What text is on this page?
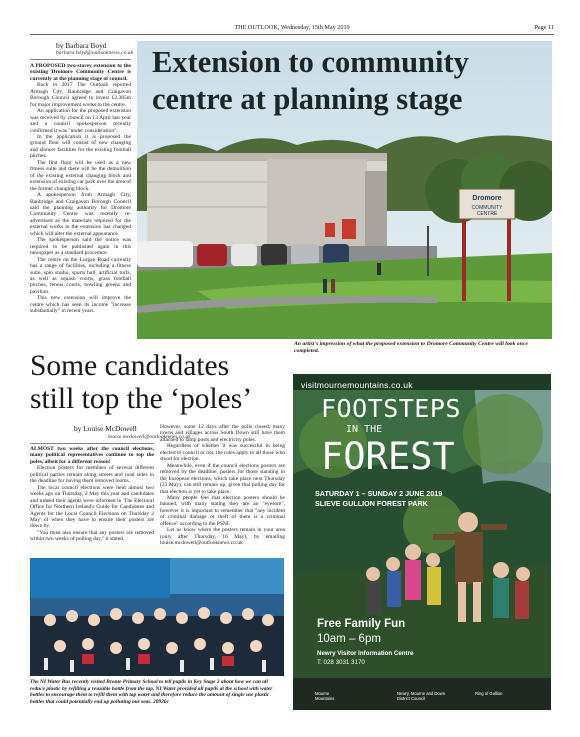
THE OUTLOOK, Wednesday, 15th May 2019	Page 11
by Barbara Boyd
barbara.boyd@outlooknews.co.uk

A PROPOSED two-storey extension to the existing Dromore Community Centre is currently at the planning stage of council.

Back in 2017 The Outlook reported Armagh City, Banbridge and Craigavon Borough Council agreed to invest £2.385m for major improvement works to the centre.

An application for the proposed extension was received by council on 13 April last year and a council spokesperson recently confirmed it was "under consideration".

In the application it is proposed the ground floor will consist of new changing and shower facilities for the existing football pitches.

The first floor will be used as a new fitness suite and there will be the demolition of the existing external changing block and extension of existing car park over the area of the former changing block.

A spokesperson from Armagh City, Banbridge and Craigavon Borough Council said the planning authority for Dromore Community Centre was recently re-advertised as the materials required for the external works in the extension has changed which will alter the external appearance.

The spokesperson said the notice was required to be published again in this newspaper as a standard procedure.

The centre on the Lurgan Road currently has a range of facilities, including a fitness suite, spin studio, sports hall, artificial turfs, as well as squash courts, grass football pitches, tennis courts, bowling greens and pavilion.

This new extension will improve the centre which has seen its income "increase substantially" in recent years.

Dromore
COMMUNITY
CENTRE
Extension to community
centre at planning stage
An artist's impression of what the proposed extension to Dromore Community Centre will look once completed.
Some candidates
still top the ‘poles’
by Louise McDowell
louise.mcdowell@outlooknews.co.uk

ALMOST two weeks after the council elections, many political representatives continue to top the poles, albeit for a different reason!

Election posters for members of several different political parties remain along streets and road sides in the deadline for having them removed looms.

The local council elections were held almost two weeks ago on Thursday, 2 May this year and candidates and indeed their agents were informed in 'The Electoral Office for Northern Ireland's Guide for Candidates and Agents for the Local Council Elections on Thursday 2 May' of when they have to ensure their posters are down by.

"You must also ensure that any posters are removed within two weeks of polling day," it stated.

However, some 12 days after the polls closed, many towns and villages across South Down still have them attached to lamp posts and electricity poles.

Regardless of whether it was successful in being elected to council or not, the rules apply to all those who stood for election.

Meanwhile, even if the council elections posters are removed by the deadline, posters for those standing in the European elections, which take place next Thursday (23 May), can still remain up, given that polling day for that election is yet to take place.

Many people feel that election posters should be banned, with many stating they are an "eyesore", however it is important to remember that "any incident of criminal damage or theft of them is a criminal offence" according to the PSNI.

Let us know where the posters remain in your area (only after Thursday, 16 May), by emailing louise.mcdowell@outlooknews.co.uk

The NI Water Bus recently visited Bronte Primary School to tell pupils in Key Stage 2 about how we can all reduce plastic by refilling a reusable bottle from the tap. NI Water provided all pupils at the school with water bottles to encourage them to refill them with tap water and therefore reduce the amount of single use plastic bottles that could potentially end up polluting our seas. 20926c
visitmournemountains.co.uk
FOOTSTEPS
IN THE
FOREST
SATURDAY 1 – SUNDAY 2 JUNE 2019
SLIEVE GULLION FOREST PARK
Free Family Fun
10am – 6pm
Newry Visitor Information Centre
T: 028 3031 3170
Mourne
Mountains
Newry, Mourne and Down District Council
Ring of Gullion
